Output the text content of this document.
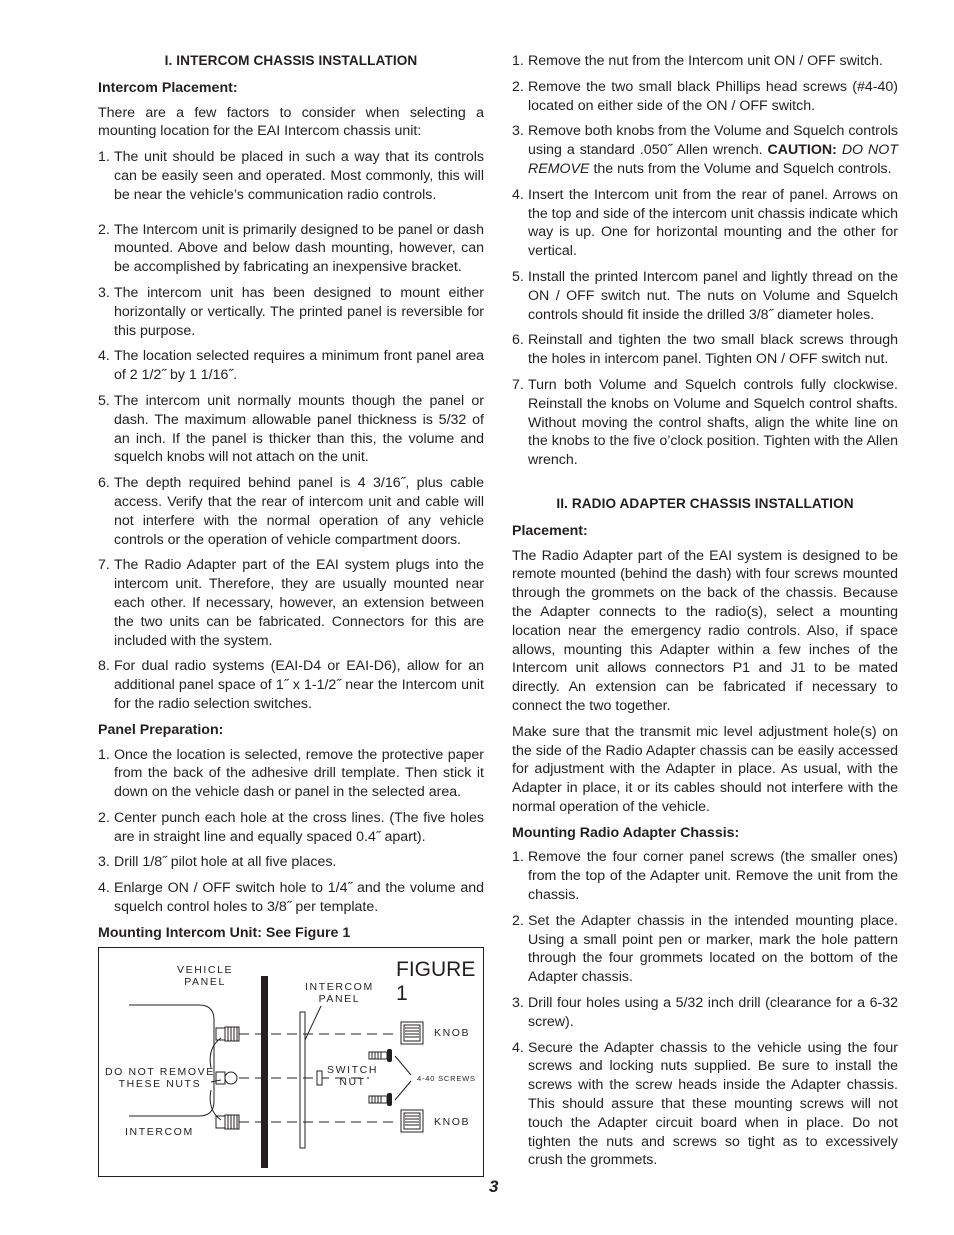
I. INTERCOM CHASSIS INSTALLATION
Intercom Placement:

There are a few factors to consider when selecting a mounting location for the EAI Intercom chassis unit:

1. The unit should be placed in such a way that its controls can be easily seen and operated. Most commonly, this will be near the vehicle’s communication radio controls.
2. The Intercom unit is primarily designed to be panel or dash mounted. Above and below dash mounting, however, can be accomplished by fabricating an inexpensive bracket.
3. The intercom unit has been designed to mount either horizontally or vertically. The printed panel is reversible for this purpose.
4. The location selected requires a minimum front panel area of 2 1/2˝ by 1 1/16˝.
5. The intercom unit normally mounts though the panel or dash. The maximum allowable panel thickness is 5/32 of an inch. If the panel is thicker than this, the volume and squelch knobs will not attach on the unit.
6. The depth required behind panel is 4 3/16˝, plus cable access. Verify that the rear of intercom unit and cable will not interfere with the normal operation of any vehicle controls or the operation of vehicle compartment doors.
7. The Radio Adapter part of the EAI system plugs into the intercom unit. Therefore, they are usually mounted near each other. If necessary, however, an extension between the two units can be fabricated. Connectors for this are included with the system.
8. For dual radio systems (EAI-D4 or EAI-D6), allow for an additional panel space of 1˝ x 1-1/2˝ near the Intercom unit for the radio selection switches.
Panel Preparation:
1. Once the location is selected, remove the protective paper from the back of the adhesive drill template. Then stick it down on the vehicle dash or panel in the selected area.
2. Center punch each hole at the cross lines. (The five holes are in straight line and equally spaced 0.4˝ apart).
3. Drill 1/8˝ pilot hole at all five places.
4. Enlarge ON / OFF switch hole to 1/4˝ and the volume and squelch control holes to 3/8˝ per template.
Mounting Intercom Unit: See Figure 1
FIGURE 1
VEHICLE
PANEL	INTERCOM
PANEL
KNOB
KNOB
SWITCH
NUT	4-40 SCREWS
DO NOT REMOVE
THESE NUTS
INTERCOM
1. Remove the nut from the Intercom unit ON / OFF switch.
2. Remove the two small black Phillips head screws (#4-40) located on either side of the ON / OFF switch.
3. Remove both knobs from the Volume and Squelch controls using a standard .050˝ Allen wrench. CAUTION: DO NOT REMOVE the nuts from the Volume and Squelch controls.
4. Insert the Intercom unit from the rear of panel. Arrows on the top and side of the intercom unit chassis indicate which way is up. One for horizontal mounting and the other for vertical.
5. Install the printed Intercom panel and lightly thread on the ON / OFF switch nut. The nuts on Volume and Squelch controls should fit inside the drilled 3/8˝ diameter holes.
6. Reinstall and tighten the two small black screws through the holes in intercom panel. Tighten ON / OFF switch nut.
7. Turn both Volume and Squelch controls fully clockwise. Reinstall the knobs on Volume and Squelch control shafts. Without moving the control shafts, align the white line on the knobs to the five o’clock position. Tighten with the Allen wrench.
II. RADIO ADAPTER CHASSIS INSTALLATION
Placement:

The Radio Adapter part of the EAI system is designed to be remote mounted (behind the dash) with four screws mounted through the grommets on the back of the chassis. Because the Adapter connects to the radio(s), select a mounting location near the emergency radio controls. Also, if space allows, mounting this Adapter within a few inches of the Intercom unit allows connectors P1 and J1 to be mated directly. An extension can be fabricated if necessary to connect the two together.

Make sure that the transmit mic level adjustment hole(s) on the side of the Radio Adapter chassis can be easily accessed for adjustment with the Adapter in place. As usual, with the Adapter in place, it or its cables should not interfere with the normal operation of the vehicle.

Mounting Radio Adapter Chassis:
1. Remove the four corner panel screws (the smaller ones) from the top of the Adapter unit. Remove the unit from the chassis.
2. Set the Adapter chassis in the intended mounting place. Using a small point pen or marker, mark the hole pattern through the four grommets located on the bottom of the Adapter chassis.
3. Drill four holes using a 5/32 inch drill (clearance for a 6-32 screw).
4. Secure the Adapter chassis to the vehicle using the four screws and locking nuts supplied. Be sure to install the screws with the screw heads inside the Adapter chassis. This should assure that these mounting screws will not touch the Adapter circuit board when in place. Do not tighten the nuts and screws so tight as to excessively crush the grommets.
3
